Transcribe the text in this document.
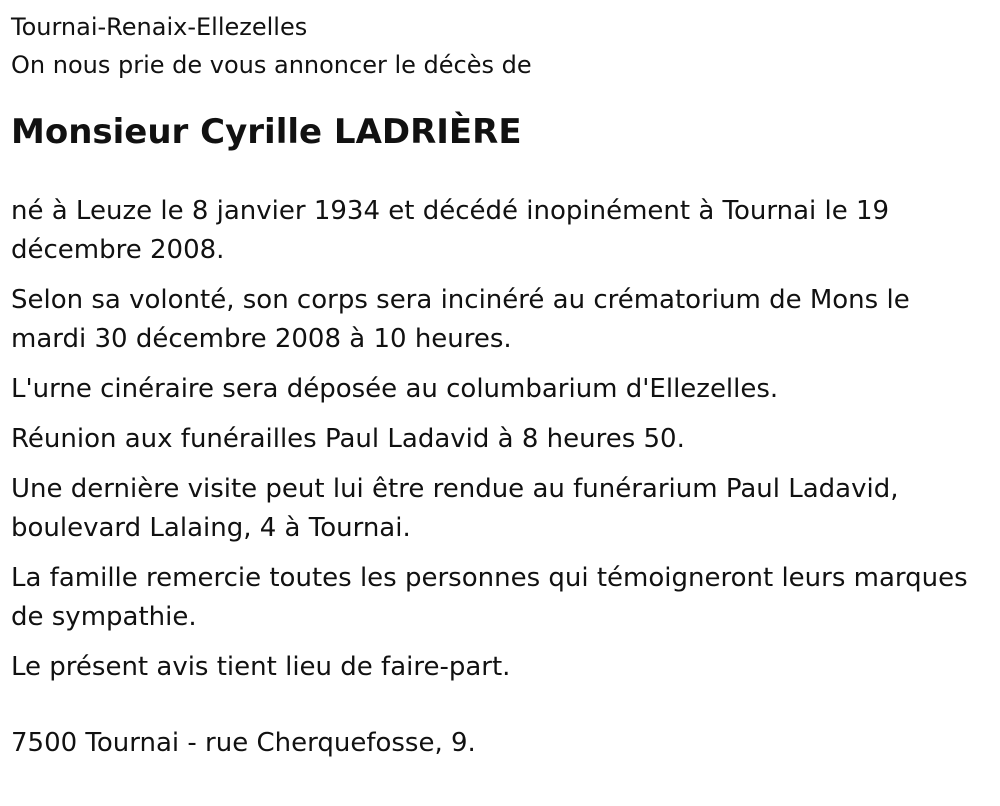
Tournai-Renaix-Ellezelles

On nous prie de vous annoncer le décès de

Monsieur Cyrille LADRIÈRE

né à Leuze le 8 janvier 1934 et décédé inopinément à Tournai le 19 décembre 2008.

Selon sa volonté, son corps sera incinéré au crématorium de Mons le mardi 30 décembre 2008 à 10 heures.

L'urne cinéraire sera déposée au columbarium d'Ellezelles.

Réunion aux funérailles Paul Ladavid à 8 heures 50.

Une dernière visite peut lui être rendue au funérarium Paul Ladavid, boulevard Lalaing, 4 à Tournai.

La famille remercie toutes les personnes qui témoigneront leurs marques de sympathie.

Le présent avis tient lieu de faire-part.

7500 Tournai - rue Cherquefosse, 9.
